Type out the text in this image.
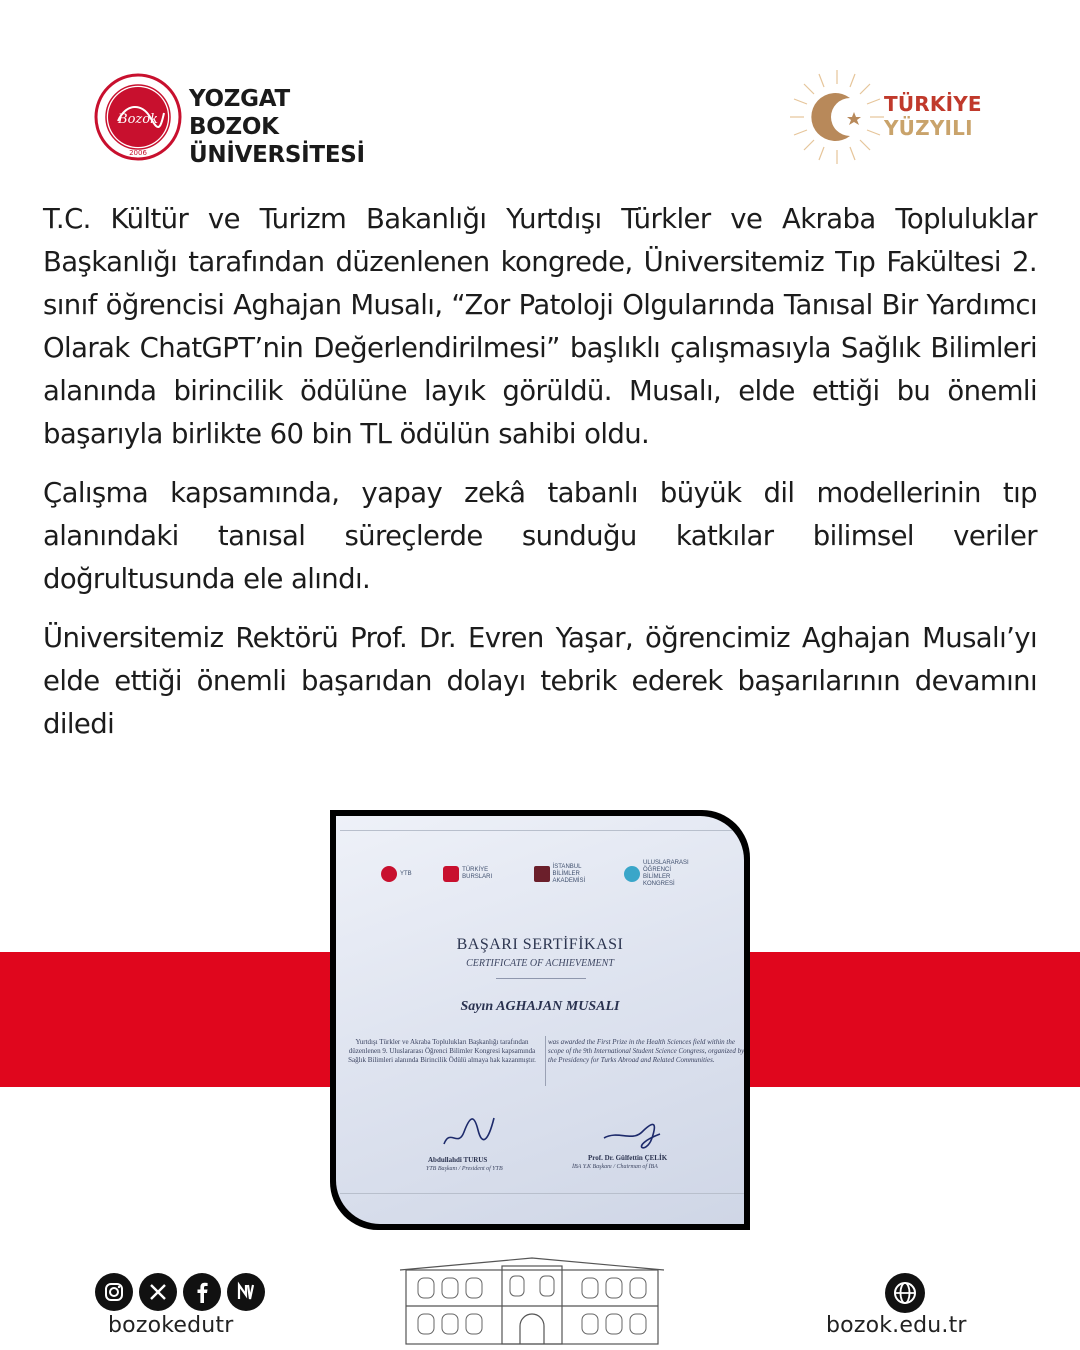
Bozok
2006
YOZGAT BOZOK
ÜNİVERSİTESİ
TÜRKİYE
YÜZYILI

T.C. Kültür ve Turizm Bakanlığı Yurtdışı Türkler ve Akraba Topluluklar Başkanlığı tarafından düzenlenen kongrede, Üniversitemiz Tıp Fakültesi 2. sınıf öğrencisi Aghajan Musalı, “Zor Patoloji Olgularında Tanısal Bir Yardımcı Olarak ChatGPT’nin Değerlendirilmesi” başlıklı çalışmasıyla Sağlık Bilimleri alanında birincilik ödülüne layık görüldü. Musalı, elde ettiği bu önemli başarıyla birlikte 60 bin TL ödülün sahibi oldu.

Çalışma kapsamında, yapay zekâ tabanlı büyük dil modellerinin tıp alanındaki tanısal süreçlerde sunduğu katkılar bilimsel veriler doğrultusunda ele alındı.

Üniversitemiz Rektörü Prof. Dr. Evren Yaşar, öğrencimiz Aghajan Musalı’yı elde ettiği önemli başarıdan dolayı tebrik ederek başarılarının devamını diledi

YTB
TÜRKİYE BURSLARI
İSTANBUL BİLİMLER AKADEMİSİ
ULUSLARARASI ÖĞRENCİ BİLİMLER KONGRESİ
BAŞARI SERTİFİKASI
CERTIFICATE OF ACHIEVEMENT
Sayın AGHAJAN MUSALI
Yurtdışı Türkler ve Akraba Toplulukları Başkanlığı tarafından düzenlenen 9. Uluslararası Öğrenci Bilimler Kongresi kapsamında Sağlık Bilimleri alanında Birincilik Ödülü almaya hak kazanmıştır.
was awarded the First Prize in the Health Sciences field within the scope of the 9th International Student Science Congress, organized by the Presidency for Turks Abroad and Related Communities.
Abdullahdi TURUS
YTB Başkanı / President of YTB
Prof. Dr. Gülfettin ÇELİK
İBA Y.K Başkanı / Chairman of İBA
bozokedutr	bozok.edu.tr
